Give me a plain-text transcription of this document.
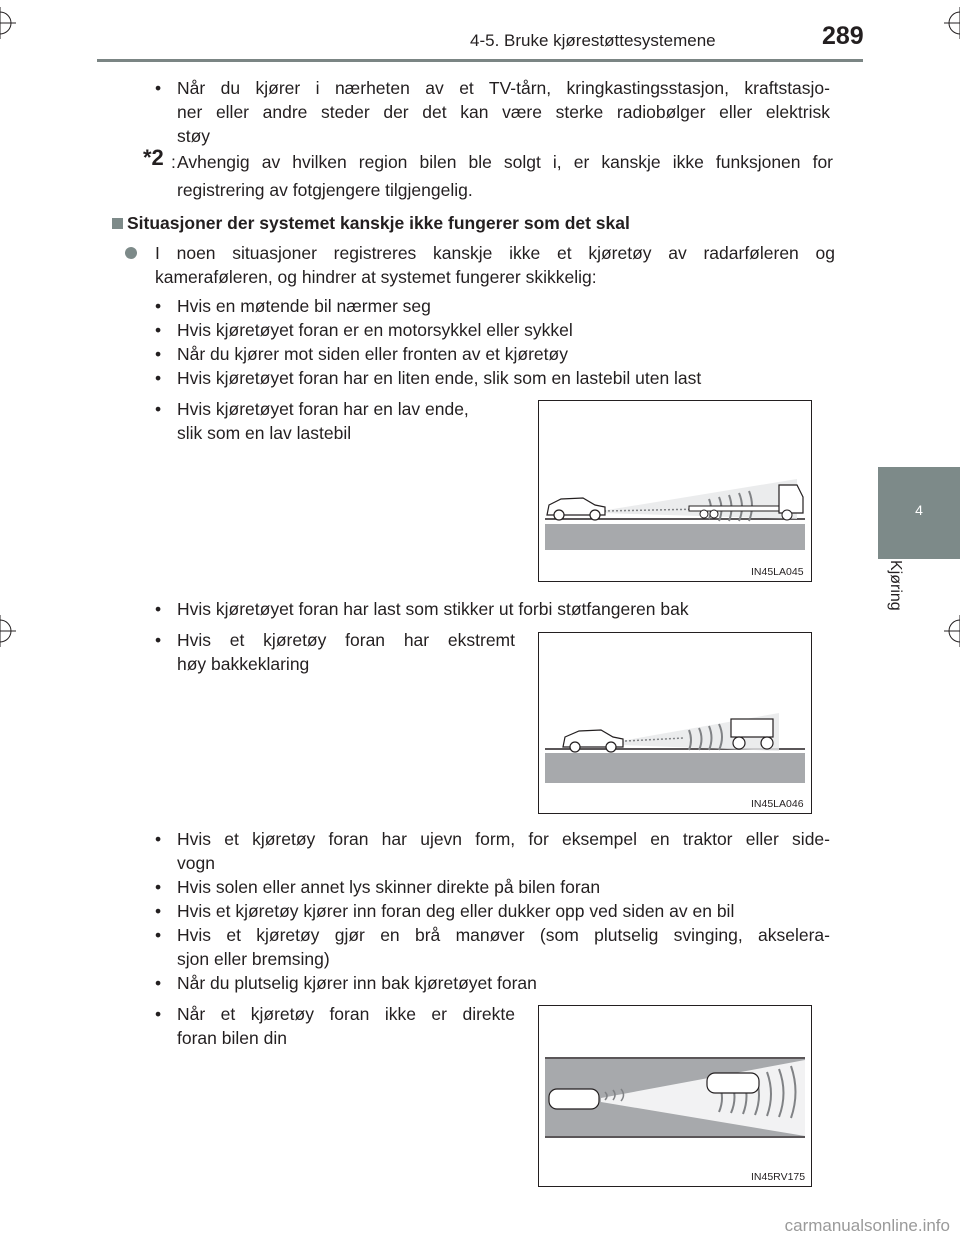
4-5. Bruke kjørestøttesystemene	289
4
Kjøring
• Når du kjører i nærheten av et TV-tårn, kringkastingsstasjon, kraftstasjo-
ner eller andre steder der det kan være sterke radiobølger eller elektrisk
støy
*2 : Avhengig av hvilken region bilen ble solgt i, er kanskje ikke funksjonen for
registrering av fotgjengere tilgjengelig.
Situasjoner der systemet kanskje ikke fungerer som det skal
I noen situasjoner registreres kanskje ikke et kjøretøy av radarføleren og
kameraføleren, og hindrer at systemet fungerer skikkelig:
• Hvis en møtende bil nærmer seg
• Hvis kjøretøyet foran er en motorsykkel eller sykkel
• Når du kjører mot siden eller fronten av et kjøretøy
• Hvis kjøretøyet foran har en liten ende, slik som en lastebil uten last
• Hvis kjøretøyet foran har en lav ende,
slik som en lav lastebil
IN45LA045
• Hvis kjøretøyet foran har last som stikker ut forbi støtfangeren bak
• Hvis et kjøretøy foran har ekstremt
høy bakkeklaring
IN45LA046
• Hvis et kjøretøy foran har ujevn form, for eksempel en traktor eller side-
vogn
• Hvis solen eller annet lys skinner direkte på bilen foran
• Hvis et kjøretøy kjører inn foran deg eller dukker opp ved siden av en bil
• Hvis et kjøretøy gjør en brå manøver (som plutselig svinging, akselera-
sjon eller bremsing)
• Når du plutselig kjører inn bak kjøretøyet foran
• Når et kjøretøy foran ikke er direkte
foran bilen din
IN45RV175
carmanualsonline.info
